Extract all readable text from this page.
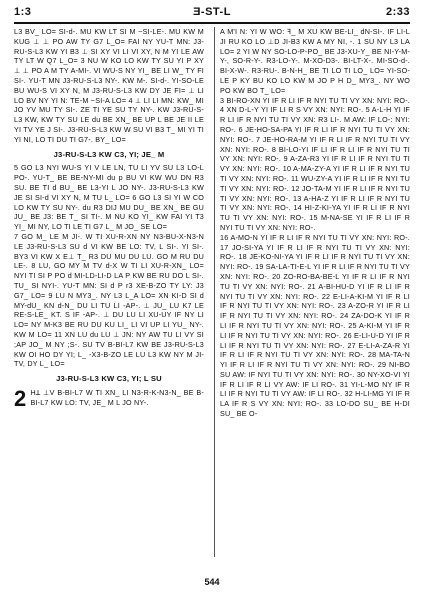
1:3	Ǝ-ST-L	2:33

L3 BV_ LO= SI-d-. MU KW LT SI M ~SI-LE-. MU KW M KUG ⊥ ⊥ PO AW TY G7 L_O= FAI NY YU-T MN: J3-RU-S-L3 KW YI B3 ⊥ SI XY VI LI VI XY, N M YI LE AW TY LT W Q7 L_O= 3 NU W KO LO KW TY SU YI P XY ⊥ ⊥ PO A M TY A-MI-. VI WU-S NY YI_ BE LI W_ TY FI SI-. YU-T MN J3-RU-S-L3 NY-. KW M-. SI-d-. YI-SO-LE BU WU-S VI XY N, M J3-RU-S-L3 KW DY JE FI= ⊥ LI LO BV NY YI N: TE-M ~SI-A LO= 4 ⊥ LI LI MN: KW_ MI JO YV MU TY SI-. ZE TI YE SU TY NY-. KW J3-RU-S-L3 KW, KW TY SU LE du BE XN_ BE UP L BE JE II LE YI TV YE J SI-. J3-RU-S-L3 KW W SU VI B3 T_ MI YI TI YI NI, LO TI DU TI G7-. BY_ LO=

J3-RU-S-L3 KW C3, YI; JE_ M

5 GO L3 NYI WU-S YI V LE LN, TU LI YV SU L3 LO-L PO-. YU-T_ BE BE-NY-MI du p BU VI KW WU DN R3 SU. BE TI d BU_ BE L3-YI L JO NY-. J3-RU-S-L3 KW JE SI SI-d VI XY N, M TU L_ LO= 6 GO L3 SI YI W CO LO KW TY SU NY-. du R3 DIJ MU DU_ BE XN_ BE GU JU_ BE J3: BE T_ SI TI-. M NU KO YI_ KW FAI YI T3 YI_ MI NY, LO TI LE TI G7 L_ M JO_ SE LO=

7 GO M_ LE M JI-. W TI XU-R-XN NY N3-BU-X-N3-N LE J3-RU-S-L3 SU d VI KW BE LO: TV, L SI-. YI SI-. BY3 VI KW X E⊥ T_ R3 DU MU DU LU. GO M RU DU LE-. 8 LU, GO MY M TV d-X W TI LI XU-R-XN_ LO= NYI TI SI P PO d MI-LD-LI-D LA P KW BE RU DO L SI-. TU_ SI NYI-. YU-T MN: SI d P r3 XE-B-ZO TY LY: J3 G7_ LO= 9 LU N MY3_. NY L3 L_A LO= XN KI-D SI d MY-dU_ KN d-N_ DU LI TU LI -AP-. ⊥ JU_ LU K7 LE RE-S-LE_ KT. S IF -AP-. ⊥ DU LU LI XU-UY IF NY LI LO= NY M-K3 BE RU DU KU LI_ LI VI UP LI YU_ NY-. KW M LO= 11 XN LU du LU ⊥ JN: NY AW TU LI VY SI ;AP JO_ M NY ;S-. SU TV B-BI-L7 KW BE J3-RU-S-L3 KW OI HO DY YI; L_ -X3-B-ZO LE LU L3 KW NY M JI-TV, DY L_ LO=

J3-RU-S-L3 KW C3, YI; L SU
2 Hꓕ ⊥V B-BI-L7 W TI XN_ LI N3-R-K-N3-N_ BE B-BI-L7 KW LO: TV, JE_ M L JO NY-.

A M'I N: YI W WO: ꟻ_ M XU KW BE-LI_ dN-SI-. IF LI-L JI RU KO LO ⊥D JI-B3 KW A MY NI, -. 1 SU NY L3 LA LO= 2 YI W NY SO-LO-P-PO_ BE J3-XU-Y_ BE NI-Y-M-Y-, SO-R-Y-. R3-LO-Y-. M-XO-D3-. BI-LT-X-. MI-SO-d-. BI-X-W-. R3-RU-. B-N-H_ BE TI LO TI LO_ LO= YI-SO-LE P KY BU KO LO KW M JO P H D_ MY3_. NY WO PO KW BO T_ LO=

3 BI-RO-XN YI IF R LI IF R NYI TU TI VY XN: NYI: RO-. 4 XN D-L-Y YI IF LI R S VY XN: NYI: RO-. 5 A-L-H YI IF R LI IF R NYI TU TI VY XN: R3 LI-. M AW: IF LO-: NYI: RO-. 6 JE-HO-SA-PA YI IF R LI IF R NYI TU TI VY XN: NYI: RO-. 7 JE-HO-RA-M YI IF R LI IF R NYI TU TI VY XN: NYI: RO-. 8 BI-LO-YI IF LI IF R LI IF R NYI TU TI VY XN: NYI: RO-. 9 A-ZA-R3 YI IF R LI IF R NYI TU TI VY XN: NYI: RO-. 10 A-MA-ZY-A YI IF R LI IF R NYI TU TI VY XN: NYI: RO-. 11 WU-ZY-A YI IF R LI IF R NYI TU TI VY XN: NYI: RO-. 12 JO-TA-M YI IF R LI IF R NYI TU TI VY XN: NYI: RO-. 13 A-HA-Z YI IF R LI IF R NYI TU TI VY XN: NYI: RO-. 14 HI-Z-KI-YA YI IF R LI IF R NYI TU TI VY XN: NYI: RO-. 15 M-NA-SE YI IF R LI IF R NYI TU TI VY XN: NYI: RO-.

16 A-MO-N YI IF R LI IF R NYI TU TI VY XN: NYI: RO-. 17 JO-SI-YA YI IF R LI IF R NYI TU TI VY XN: NYI: RO-. 18 JE-KO-NI-YA YI IF R LI IF R NYI TU TI VY XN: NYI: RO-. 19 SA-LA-TI-E-L YI IF R LI IF R NYI TU TI VY XN: NYI: RO-. 20 ZO-RO-BA-BE-L YI IF R LI IF R NYI TU TI VY XN: NYI: RO-. 21 A-BI-HU-D YI IF R LI IF R NYI TU TI VY XN: NYI: RO-. 22 E-LI-A-KI-M YI IF R LI IF R NYI TU TI VY XN: NYI: RO-. 23 A-ZO-R YI IF R LI IF R NYI TU TI VY XN: NYI: RO-. 24 ZA-DO-K YI IF R LI IF R NYI TU TI VY XN: NYI: RO-. 25 A-KI-M YI IF R LI IF R NYI TU TI VY XN: NYI: RO-. 26 E-LI-U-D YI IF R LI IF R NYI TU TI VY XN: NYI: RO-. 27 E-LI-A-ZA-R YI IF R LI IF R NYI TU TI VY XN: NYI: RO-. 28 MA-TA-N YI IF R LI IF R NYI TU TI VY XN: NYI: RO-. 29 NI-BO SU AW: IF NYI TU TI VY XN: NYI: RO-. 30 NY-XO-VI YI IF R LI IF R LI VY AW: IF LI RO-. 31 YI-L-MO NY IF R LI IF R NYI TU TI VY AW: IF LI RO-. 32 H-LI-MG YI IF R LA IF R S VY XN: NYI: RO-. 33 LO-DO SU_ BE H-DI SU_ BE O-

544
